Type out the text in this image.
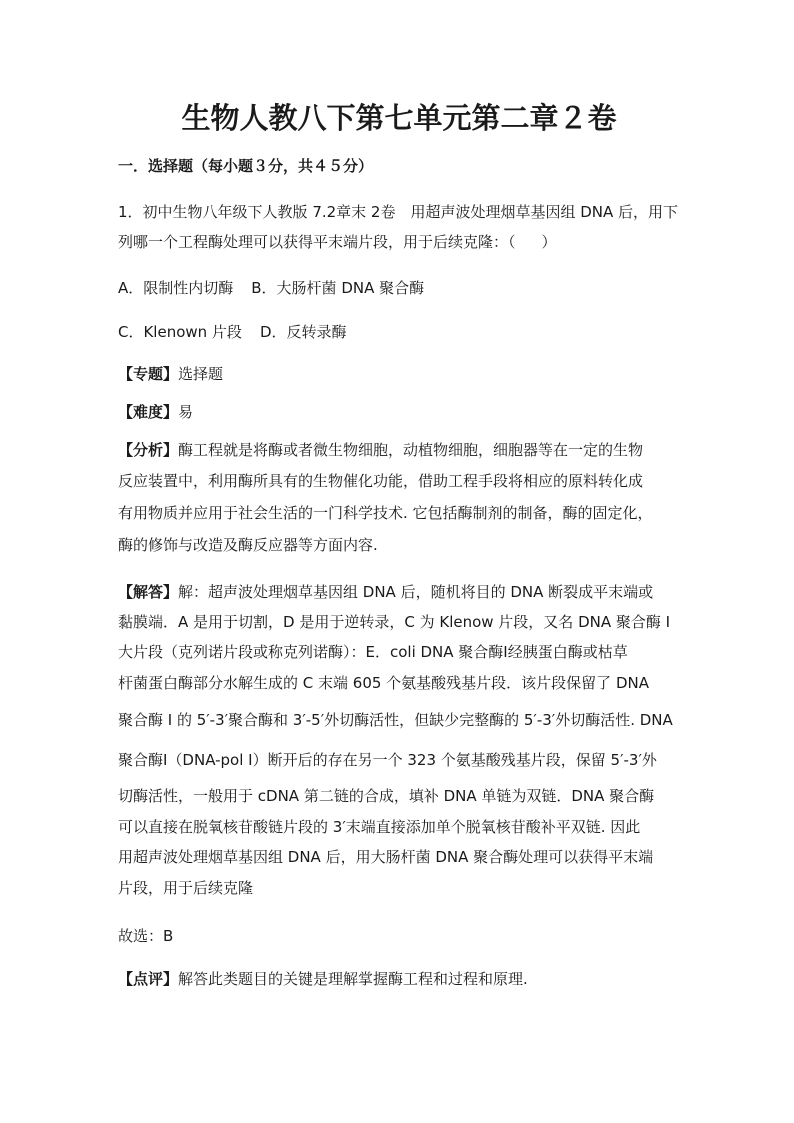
生物人教八下第七单元第二章２卷

一．选择题（每小题３分，共４５分）

1．初中生物八年级下人教版 7.2章末 2卷　用超声波处理烟草基因组 DNA 后，用下

列哪一个工程酶处理可以获得平末端片段，用于后续克隆：（ ）

A．限制性内切酶 B．大肠杆菌 DNA 聚合酶

C．Klenown 片段 D．反转录酶

【专题】选择题

【难度】易

【分析】酶工程就是将酶或者微生物细胞，动植物细胞，细胞器等在一定的生物

反应装置中，利用酶所具有的生物催化功能，借助工程手段将相应的原料转化成

有用物质并应用于社会生活的一门科学技术. 它包括酶制剂的制备，酶的固定化，

酶的修饰与改造及酶反应器等方面内容.

【解答】解：超声波处理烟草基因组 DNA 后，随机将目的 DNA 断裂成平末端或

黏膜端．A 是用于切割，D 是用于逆转录，C 为 Klenow 片段，又名 DNA 聚合酶 I

大片段（克列诺片段或称克列诺酶）：E．coli DNA 聚合酶Ⅰ经胰蛋白酶或枯草

杆菌蛋白酶部分水解生成的 C 末端 605 个氨基酸残基片段．该片段保留了 DNA

聚合酶 I 的 5′-3′聚合酶和 3′-5′外切酶活性，但缺少完整酶的 5′-3′外切酶活性. DNA

聚合酶Ⅰ（DNA-pol I）断开后的存在另一个 323 个氨基酸残基片段，保留 5′-3′外

切酶活性，一般用于 cDNA 第二链的合成，填补 DNA 单链为双链．DNA 聚合酶

可以直接在脱氧核苷酸链片段的 3′末端直接添加单个脱氧核苷酸补平双链. 因此

用超声波处理烟草基因组 DNA 后，用大肠杆菌 DNA 聚合酶处理可以获得平末端

片段，用于后续克隆

故选：B

【点评】解答此类题目的关键是理解掌握酶工程和过程和原理.
